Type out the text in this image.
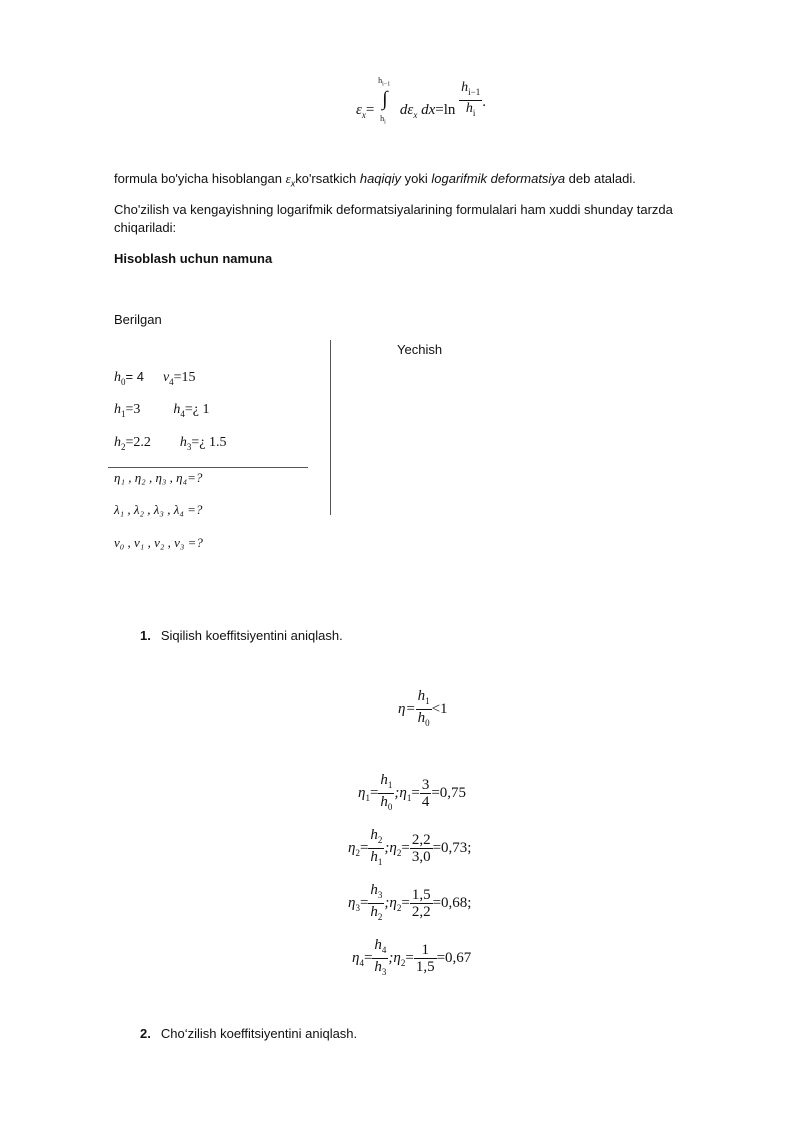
$\varepsilon_x=$
$h_{i-1}$
∫
$h_i$
$d\varepsilon_x$ $dx=\ln \frac{h_{i-1}}{h_i}$ .
formula bo'yicha hisoblangan $\varepsilon_xko'rsatkich$ haqiqiy yoki logarifmik deformatsiya deb ataladi.
Cho'zilish va kengayishning logarifmik deformatsiyalarining formulalari ham xuddi shunday tarzda chiqariladi:
Hisoblash uchun namuna
Berilgan
Yechish
$h_0= 4$ $\nu_4=15$
$h_1=3$ $h_4=¿$ 1
$h_2=2.2$ $h_3=¿$ 1.5
η₁ , η₂ , η₃ , η₄=?
λ₁ , λ₂ , λ₃ , λ₄ =?
ν₀ , ν₁ , ν₂ , ν₃ =?
1. Siqilish koeffitsiyentini aniqlash.
$\eta= \frac{h_1}{h_0} <1$
$\eta_1= \frac{h_1}{h_0}$ $;\eta_1= \frac{3}{4} =0,75$
$\eta_2= \frac{h_2}{h_1}$ $;\eta_2= \frac{2,2}{3,0} =0,73$;
$\eta_3= \frac{h_3}{h_2}$ $;\eta_2= \frac{1,5}{2,2} =0,68$;
$\eta_4= \frac{h_4}{h_3}$ $;\eta_2= \frac{1}{1,5} =0,67$
2. Cho‘zilish koeffitsiyentini aniqlash.
